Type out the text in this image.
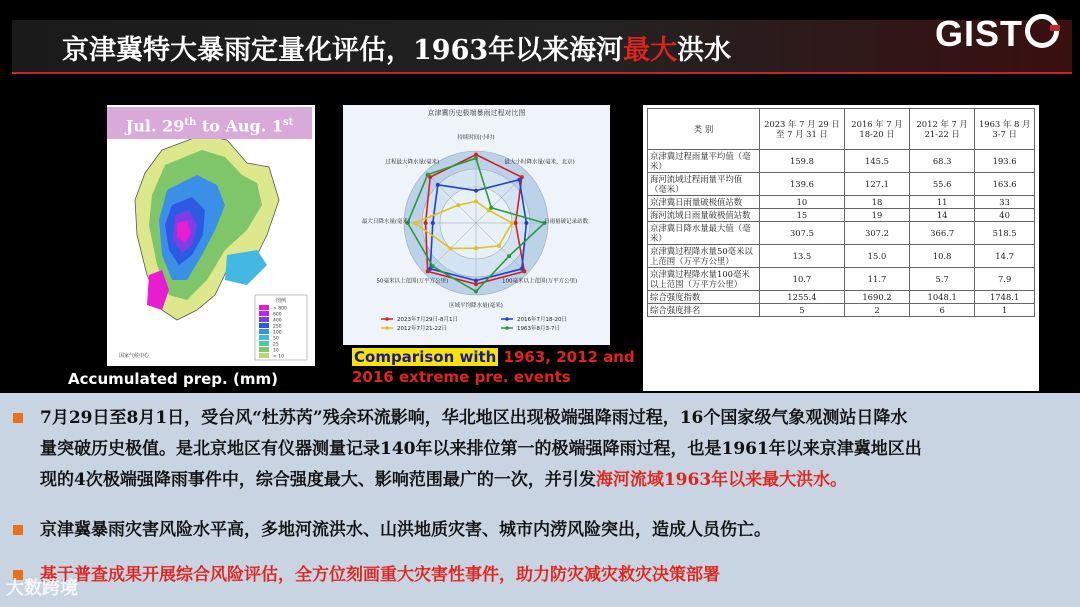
京津冀特大暴雨定量化评估，1963年以来海河最大洪水	GIST
图例
> 800
600
400
250
100
50
25
10
< 10
国家气候中心
Jul. 29th to Aug. 1st
Accumulated prep. (mm)
持续时间(小时)
最大小时降水量(毫米，北京)
日雨量破记录站数
100毫米以上范围(万平方公里)
区域平均降水量(毫米)
50毫米以上范围(万平方公里)
最大日降水量(毫米)
过程最大降水量(毫米)
2023年7月29日-8月1日	2016年7月18-20日
2012年7月21-22日	1963年8月3-7日
京津冀历史极端暴雨过程对比图
Comparison with 1963, 2012 and
2016 extreme pre. events
类 别	2023 年 7 月 29 日至 7 月 31 日	2016 年 7 月 18-20 日	2012 年 7 月 21-22 日	1963 年 8 月 3-7 日
京津冀过程雨量平均值（毫米）	159.8	145.5	68.3	193.6
海河流域过程雨量平均值（毫米）	139.6	127.1	55.6	163.6
京津冀日雨量破极值站数	10	18	11	33
海河流域日雨量破极值站数	15	19	14	40
京津冀日降水量最大值（毫米）	307.5	307.2	366.7	518.5
京津冀过程降水量50毫米以上范围（万平方公里）	13.5	15.0	10.8	14.7
京津冀过程降水量100毫米以上范围（万平方公里）	10.7	11.7	5.7	7.9
综合强度指数	1255.4	1690.2	1048.1	1748.1
综合强度排名	5	2	6	1
7月29日至8月1日，受台风“杜苏芮”残余环流影响，华北地区出现极端强降雨过程，16个国家级气象观测站日降水
量突破历史极值。是北京地区有仪器测量记录140年以来排位第一的极端强降雨过程，也是1961年以来京津冀地区出
现的4次极端强降雨事件中，综合强度最大、影响范围最广的一次，并引发海河流域1963年以来最大洪水。
京津冀暴雨灾害风险水平高，多地河流洪水、山洪地质灾害、城市内涝风险突出，造成人员伤亡。
基于普查成果开展综合风险评估，全方位刻画重大灾害性事件，助力防灾减灾救灾决策部署
大数跨境
